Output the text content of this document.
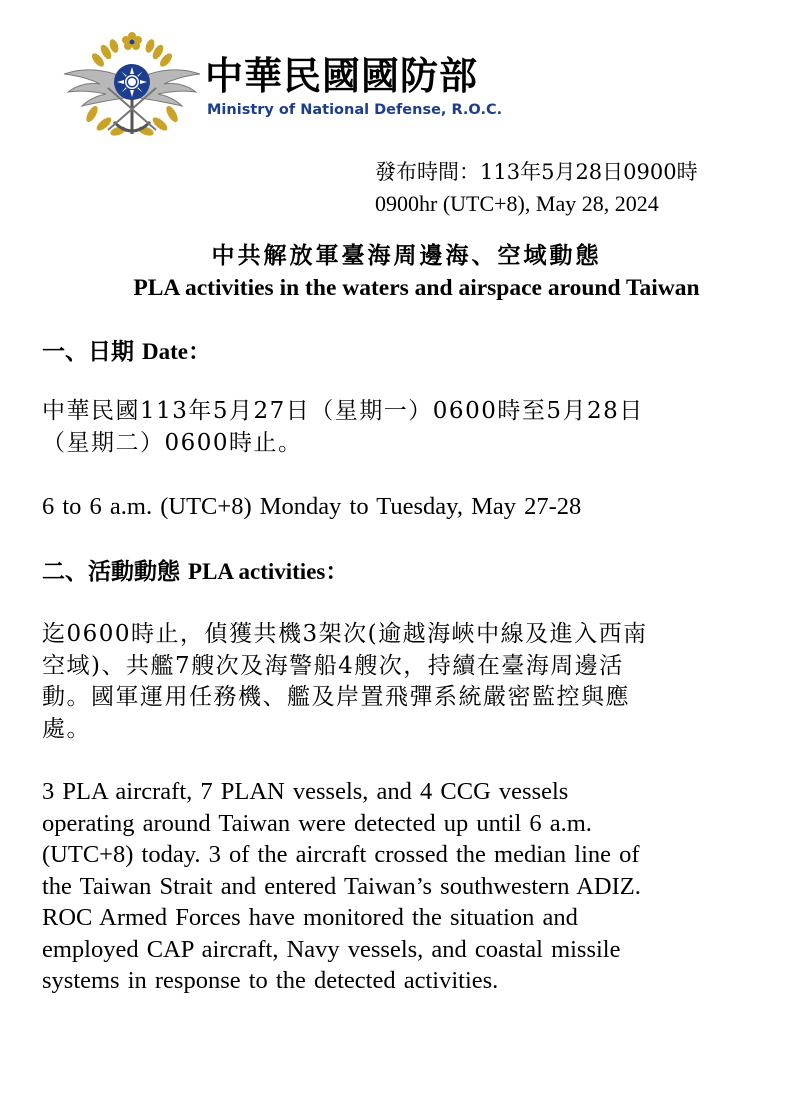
中華民國國防部
Ministry of National Defense, R.O.C.
發布時間：113年5月28日0900時
0900hr (UTC+8), May 28, 2024
中共解放軍臺海周邊海、空域動態
PLA activities in the waters and airspace around Taiwan
一、日期 Date：
中華民國113年5月27日（星期一）0600時至5月28日
（星期二）0600時止。
6 to 6 a.m. (UTC+8) Monday to Tuesday, May 27-28
二、活動動態 PLA activities：
迄0600時止，偵獲共機3架次(逾越海峽中線及進入西南
空域)、共艦7艘次及海警船4艘次，持續在臺海周邊活
動。國軍運用任務機、艦及岸置飛彈系統嚴密監控與應
處。
3 PLA aircraft, 7 PLAN vessels, and 4 CCG vessels
operating around Taiwan were detected up until 6 a.m.
(UTC+8) today. 3 of the aircraft crossed the median line of
the Taiwan Strait and entered Taiwan’s southwestern ADIZ.
ROC Armed Forces have monitored the situation and
employed CAP aircraft, Navy vessels, and coastal missile
systems in response to the detected activities.
